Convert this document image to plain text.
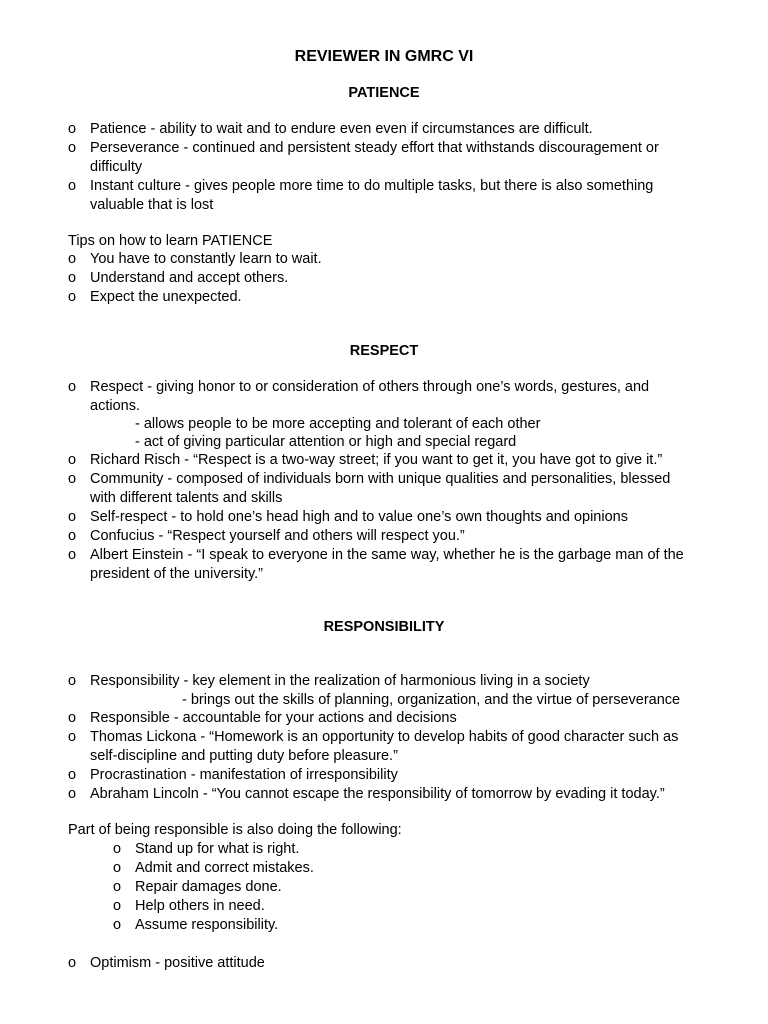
REVIEWER IN GMRC VI
PATIENCE
o Patience - ability to wait and to endure even even if circumstances are difficult.
o Perseverance - continued and persistent steady effort that withstands discouragement or
difficulty
o Instant culture - gives people more time to do multiple tasks, but there is also something
valuable that is lost
Tips on how to learn PATIENCE
o You have to constantly learn to wait.
o Understand and accept others.
o Expect the unexpected.
RESPECT
o Respect - giving honor to or consideration of others through one’s words, gestures, and
actions.
- allows people to be more accepting and tolerant of each other
- act of giving particular attention or high and special regard
o Richard Risch - “Respect is a two-way street; if you want to get it, you have got to give it.”
o Community - composed of individuals born with unique qualities and personalities, blessed
with different talents and skills
o Self-respect - to hold one’s head high and to value one’s own thoughts and opinions
o Confucius - “Respect yourself and others will respect you.”
o Albert Einstein - “I speak to everyone in the same way, whether he is the garbage man of the
president of the university.”
RESPONSIBILITY
o Responsibility - key element in the realization of harmonious living in a society
- brings out the skills of planning, organization, and the virtue of perseverance
o Responsible - accountable for your actions and decisions
o Thomas Lickona - “Homework is an opportunity to develop habits of good character such as
self-discipline and putting duty before pleasure.”
o Procrastination - manifestation of irresponsibility
o Abraham Lincoln - “You cannot escape the responsibility of tomorrow by evading it today.”
Part of being responsible is also doing the following:
o Stand up for what is right.
o Admit and correct mistakes.
o Repair damages done.
o Help others in need.
o Assume responsibility.
o Optimism - positive attitude
